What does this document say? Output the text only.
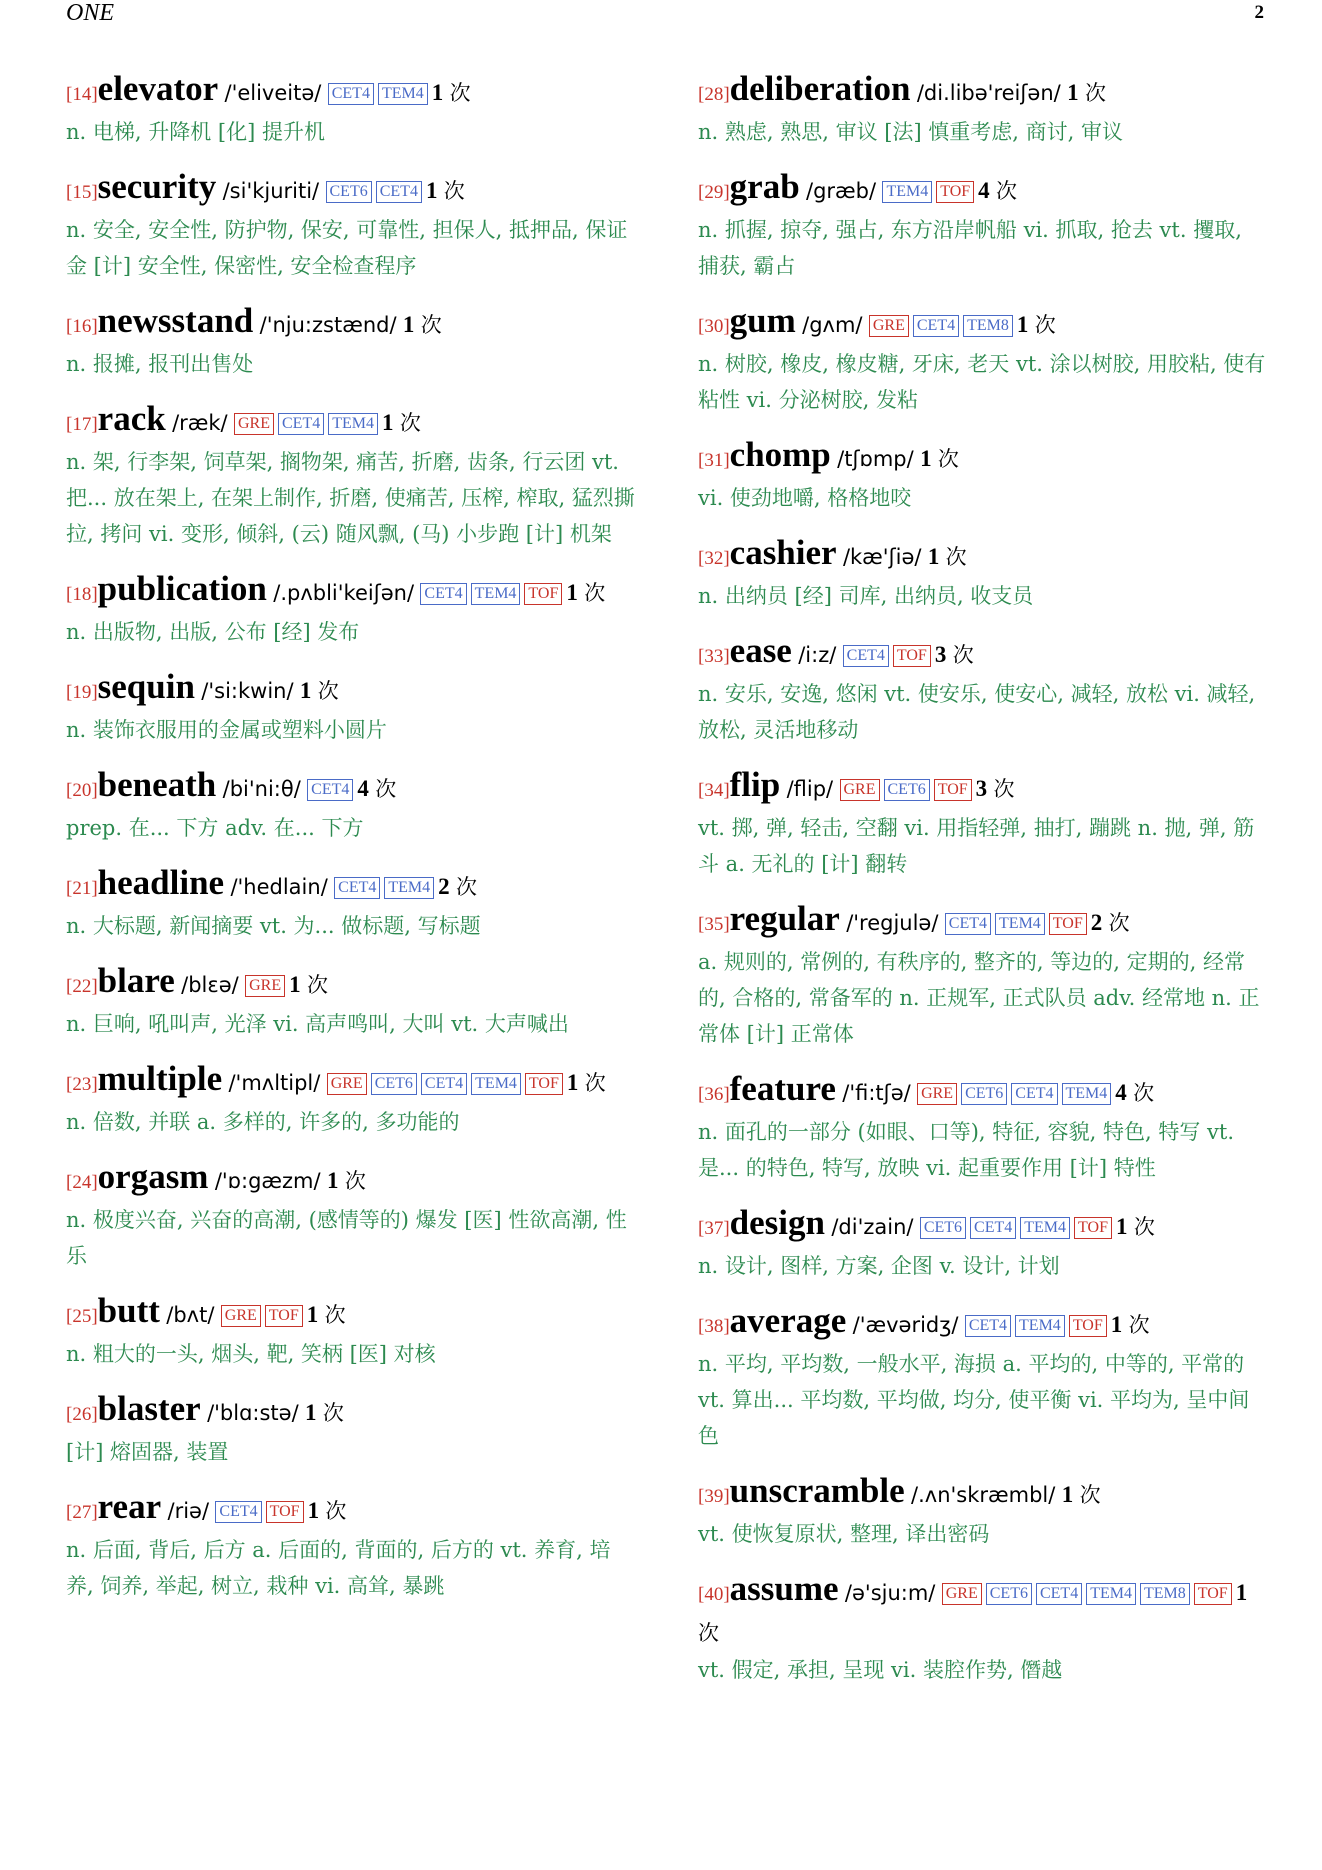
ONE	2
[14]elevator /'eliveitə/ CET4 TEM4 1 次
n. 电梯, 升降机 [化] 提升机
[15]security /si'kjuriti/ CET6 CET4 1 次
n. 安全, 安全性, 防护物, 保安, 可靠性, 担保人, 抵押品, 保证金 [计] 安全性, 保密性, 安全检查程序
[16]newsstand /'nju:zstænd/ 1 次
n. 报摊, 报刊出售处
[17]rack /ræk/ GRE CET4 TEM4 1 次
n. 架, 行李架, 饲草架, 搁物架, 痛苦, 折磨, 齿条, 行云团 vt. 把... 放在架上, 在架上制作, 折磨, 使痛苦, 压榨, 榨取, 猛烈撕拉, 拷问 vi. 变形, 倾斜, (云) 随风飘, (马) 小步跑 [计] 机架
[18]publication /.pʌbli'keiʃən/ CET4 TEM4 TOF 1 次
n. 出版物, 出版, 公布 [经] 发布
[19]sequin /'si:kwin/ 1 次
n. 装饰衣服用的金属或塑料小圆片
[20]beneath /bi'ni:θ/ CET4 4 次
prep. 在... 下方 adv. 在... 下方
[21]headline /'hedlain/ CET4 TEM4 2 次
n. 大标题, 新闻摘要 vt. 为... 做标题, 写标题
[22]blare /blɛə/ GRE 1 次
n. 巨响, 吼叫声, 光泽 vi. 高声鸣叫, 大叫 vt. 大声喊出
[23]multiple /'mʌltipl/ GRE CET6 CET4 TEM4 TOF 1 次
n. 倍数, 并联 a. 多样的, 许多的, 多功能的
[24]orgasm /'ɒ:gæzm/ 1 次
n. 极度兴奋, 兴奋的高潮, (感情等的) 爆发 [医] 性欲高潮, 性乐
[25]butt /bʌt/ GRE TOF 1 次
n. 粗大的一头, 烟头, 靶, 笑柄 [医] 对核
[26]blaster /'blɑ:stə/ 1 次
[计] 熔固器, 装置
[27]rear /riə/ CET4 TOF 1 次
n. 后面, 背后, 后方 a. 后面的, 背面的, 后方的 vt. 养育, 培养, 饲养, 举起, 树立, 栽种 vi. 高耸, 暴跳
[28]deliberation /di.libə'reiʃən/ 1 次
n. 熟虑, 熟思, 审议 [法] 慎重考虑, 商讨, 审议
[29]grab /græb/ TEM4 TOF 4 次
n. 抓握, 掠夺, 强占, 东方沿岸帆船 vi. 抓取, 抢去 vt. 攫取, 捕获, 霸占
[30]gum /gʌm/ GRE CET4 TEM8 1 次
n. 树胶, 橡皮, 橡皮糖, 牙床, 老天 vt. 涂以树胶, 用胶粘, 使有粘性 vi. 分泌树胶, 发粘
[31]chomp /tʃɒmp/ 1 次
vi. 使劲地嚼, 格格地咬
[32]cashier /kæ'ʃiə/ 1 次
n. 出纳员 [经] 司库, 出纳员, 收支员
[33]ease /i:z/ CET4 TOF 3 次
n. 安乐, 安逸, 悠闲 vt. 使安乐, 使安心, 减轻, 放松 vi. 减轻, 放松, 灵活地移动
[34]flip /flip/ GRE CET6 TOF 3 次
vt. 掷, 弹, 轻击, 空翻 vi. 用指轻弹, 抽打, 蹦跳 n. 抛, 弹, 筋斗 a. 无礼的 [计] 翻转
[35]regular /'regjulə/ CET4 TEM4 TOF 2 次
a. 规则的, 常例的, 有秩序的, 整齐的, 等边的, 定期的, 经常的, 合格的, 常备军的 n. 正规军, 正式队员 adv. 经常地 n. 正常体 [计] 正常体
[36]feature /'fi:tʃə/ GRE CET6 CET4 TEM4 4 次
n. 面孔的一部分 (如眼、口等), 特征, 容貌, 特色, 特写 vt. 是... 的特色, 特写, 放映 vi. 起重要作用 [计] 特性
[37]design /di'zain/ CET6 CET4 TEM4 TOF 1 次
n. 设计, 图样, 方案, 企图 v. 设计, 计划
[38]average /'ævəridʒ/ CET4 TEM4 TOF 1 次
n. 平均, 平均数, 一般水平, 海损 a. 平均的, 中等的, 平常的 vt. 算出... 平均数, 平均做, 均分, 使平衡 vi. 平均为, 呈中间色
[39]unscramble /.ʌn'skræmbl/ 1 次
vt. 使恢复原状, 整理, 译出密码
[40]assume /ə'sju:m/ GRE CET6 CET4 TEM4 TEM8 TOF 1 次
vt. 假定, 承担, 呈现 vi. 装腔作势, 僭越
